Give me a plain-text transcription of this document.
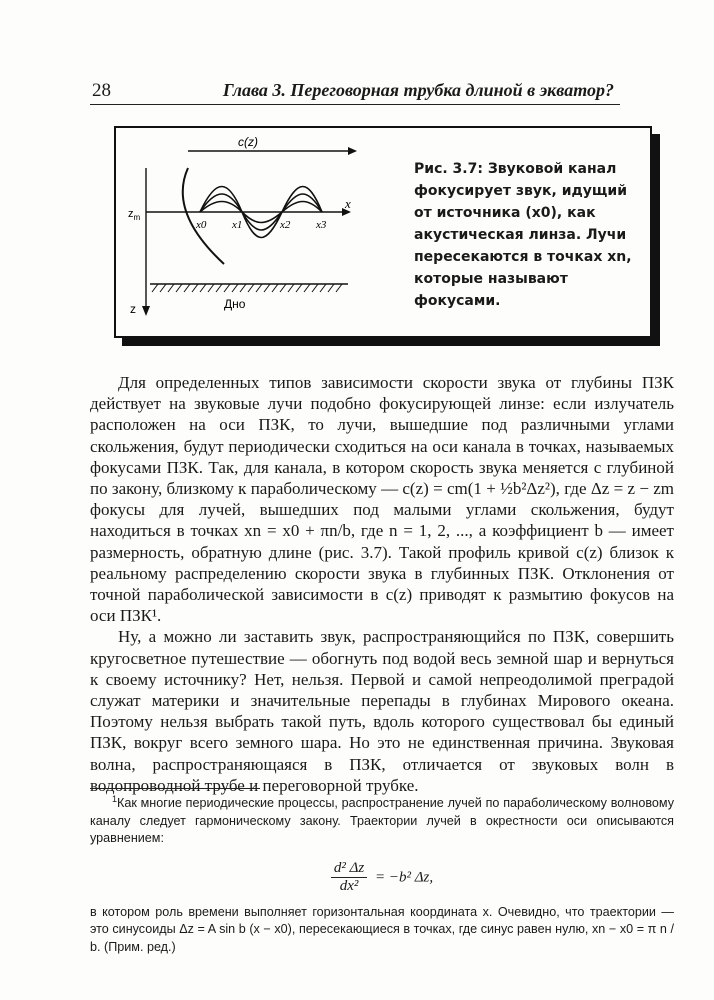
28	Глава 3. Переговорная трубка длиной в экватор?
c(z)
x
$z_m$
x0 x1	x2 x3
z	Дно
Рис. 3.7: Звуковой канал фокусирует звук, идущий от источника (x0), как акустическая линза. Лучи пересекаются в точках xn, которые называют фокусами.

Для определенных типов зависимости скорости звука от глубины ПЗК действует на звуковые лучи подобно фокусирующей линзе: если излучатель расположен на оси ПЗК, то лучи, вышедшие под различными углами скольжения, будут периодически сходиться на оси канала в точках, называемых фокусами ПЗК. Так, для канала, в котором скорость звука меняется с глубиной по закону, близкому к параболическому — c(z) = cm(1 + ½b²Δz²), где Δz = z − zm фокусы для лучей, вышедших под малыми углами скольжения, будут находиться в точках xn = x0 + πn/b, где n = 1, 2, ..., а коэффициент b — имеет размерность, обратную длине (рис. 3.7). Такой профиль кривой c(z) близок к реальному распределению скорости звука в глубинных ПЗК. Отклонения от точной параболической зависимости в c(z) приводят к размытию фокусов на оси ПЗК¹.

Ну, а можно ли заставить звук, распространяющийся по ПЗК, совершить кругосветное путешествие — обогнуть под водой весь земной шар и вернуться к своему источнику? Нет, нельзя. Первой и самой непреодолимой преградой служат материки и значительные перепады в глубинах Мирового океана. Поэтому нельзя выбрать такой путь, вдоль которого существовал бы единый ПЗК, вокруг всего земного шара. Но это не единственная причина. Звуковая волна, распространяющаяся в ПЗК, отличается от звуковых волн в водопроводной трубе и переговорной трубке.

$^1$Как многие периодические процессы, распространение лучей по параболическому волновому каналу следует гармоническому закону. Траектории лучей в окрестности оси описываются уравнением:

$\frac{\text{d² Δz}}{\text{dx²}} = -b^2$ Δz,

в котором роль времени выполняет горизонтальная координата x. Очевидно, что траектории — это синусоиды Δz = A sin b (x − x0), пересекающиеся в точках, где синус равен нулю, xn − x0 = π n / b. (Прим. ред.)
